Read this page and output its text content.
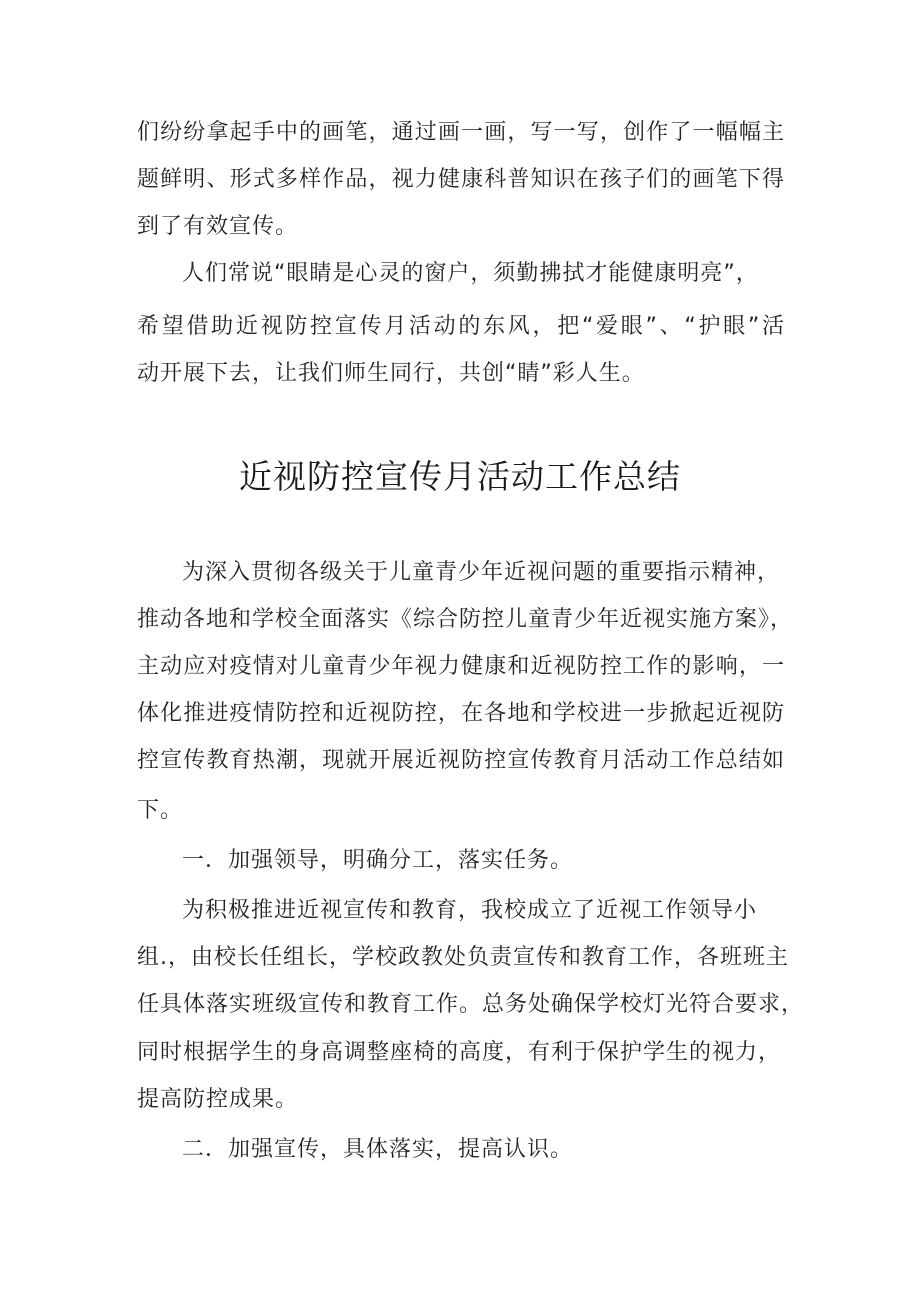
们纷纷拿起手中的画笔，通过画一画，写一写，创作了一幅幅主
题鲜明、形式多样作品，视力健康科普知识在孩子们的画笔下得
到了有效宣传。
人们常说“眼睛是心灵的窗户，须勤拂拭才能健康明亮”，
希望借助近视防控宣传月活动的东风，把“爱眼”、“护眼”活
动开展下去，让我们师生同行，共创“睛”彩人生。
近视防控宣传月活动工作总结
为深入贯彻各级关于儿童青少年近视问题的重要指示精神，
推动各地和学校全面落实《综合防控儿童青少年近视实施方案》，
主动应对疫情对儿童青少年视力健康和近视防控工作的影响，一
体化推进疫情防控和近视防控，在各地和学校进一步掀起近视防
控宣传教育热潮，现就开展近视防控宣传教育月活动工作总结如
下。
一．加强领导，明确分工，落实任务。
为积极推进近视宣传和教育，我校成立了近视工作领导小
组.，由校长任组长，学校政教处负责宣传和教育工作，各班班主
任具体落实班级宣传和教育工作。总务处确保学校灯光符合要求，
同时根据学生的身高调整座椅的高度，有利于保护学生的视力，
提高防控成果。
二．加强宣传，具体落实，提高认识。
